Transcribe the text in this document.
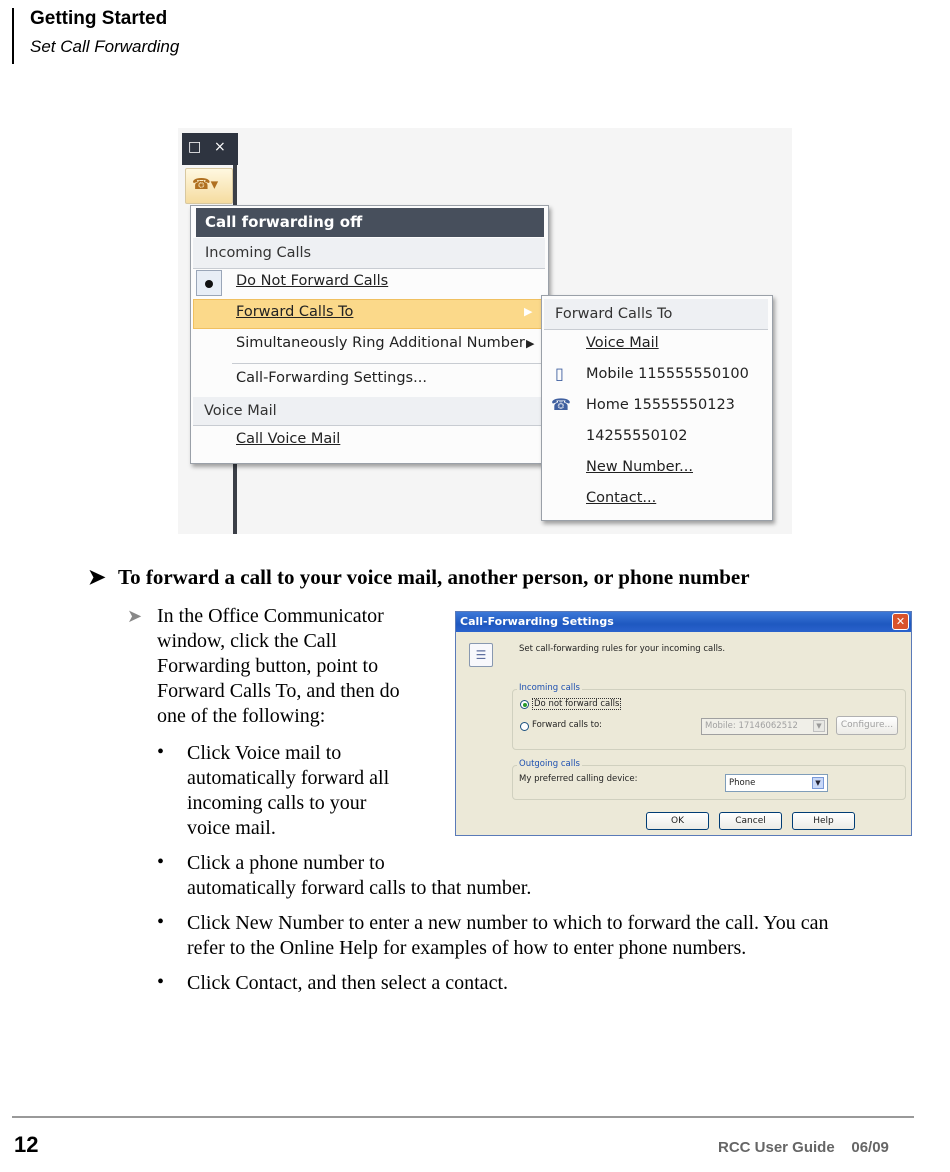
Getting Started
Set Call Forwarding
□ ×
☎▾
Call forwarding off
Incoming Calls
Do Not Forward Calls
Forward Calls To	▶
Simultaneously Ring Additional Number ▶
Call-Forwarding Settings...
Voice Mail
Call Voice Mail
Forward Calls To
Voice Mail
▯ Mobile 115555550100
☎ Home 15555550123
14255550102
New Number...
Contact...
➤ To forward a call to your voice mail, another person, or phone number
➤ In the Office Communicator
window, click the Call
Forwarding button, point to
Forward Calls To, and then do
one of the following:
• Click Voice mail to
automatically forward all
incoming calls to your
voice mail.
• Click a phone number to
automatically forward calls to that number.
• Click New Number to enter a new number to which to forward the call. You can
refer to the Online Help for examples of how to enter phone numbers.
• Click Contact, and then select a contact.
Call-Forwarding Settings	✕
☰	Set call-forwarding rules for your incoming calls.
Incoming calls
Do not forward calls
Forward calls to:	Mobile: 17146062512	▼	Configure...
Outgoing calls
My preferred calling device:	Phone	▼
OK	Cancel	Help
12	RCC User Guide    06/09
